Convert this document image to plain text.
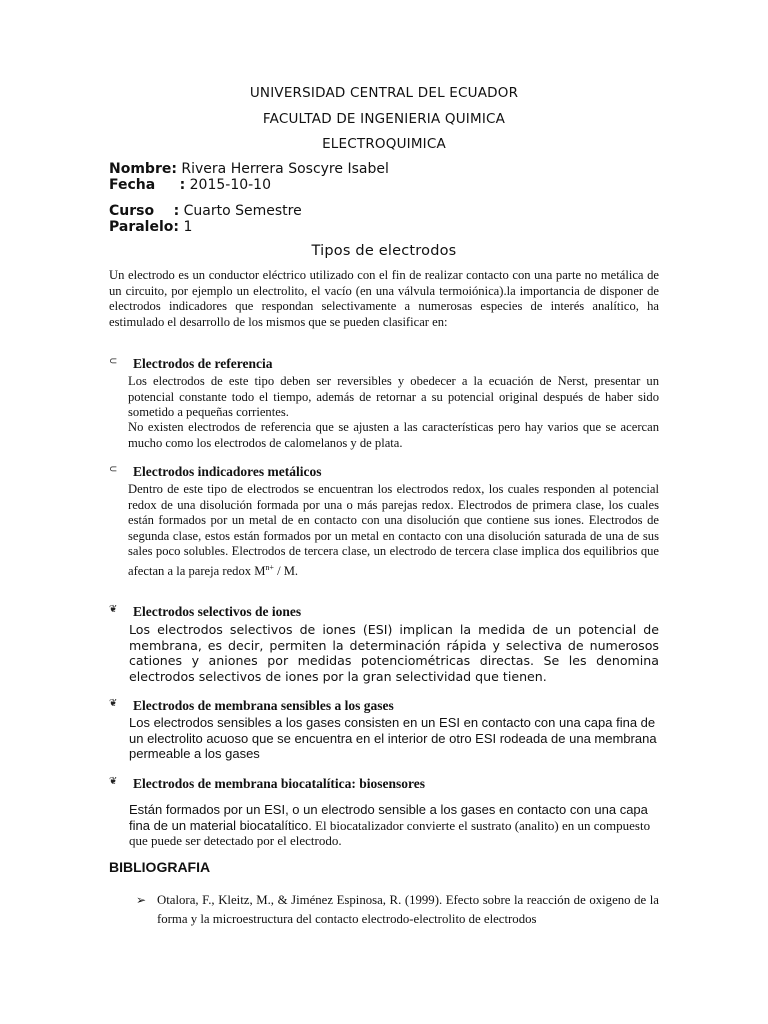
UNIVERSIDAD CENTRAL DEL ECUADOR
FACULTAD DE INGENIERIA QUIMICA
ELECTROQUIMICA
Nombre: Rivera Herrera Soscyre Isabel
Fecha     : 2015-10-10
Curso    : Cuarto Semestre
Paralelo: 1
Tipos de electrodos

Un electrodo es un conductor eléctrico utilizado con el fin de realizar contacto con una parte no metálica de un circuito, por ejemplo un electrolito, el vacío (en una válvula termoiónica).la importancia de disponer de electrodos indicadores que respondan selectivamente a numerosas especies de interés analítico, ha estimulado el desarrollo de los mismos que se pueden clasificar en:

⊂ Electrodos de referencia

Los electrodos de este tipo deben ser reversibles y obedecer a la ecuación de Nerst, presentar un potencial constante todo el tiempo, además de retornar a su potencial original después de haber sido sometido a pequeñas corrientes.

No existen electrodos de referencia que se ajusten a las características pero hay varios que se acercan mucho como los electrodos de calomelanos y de plata.

⊂ Electrodos indicadores metálicos

Dentro de este tipo de electrodos se encuentran los electrodos redox, los cuales responden al potencial redox de una disolución formada por una o más parejas redox. Electrodos de primera clase, los cuales están formados por un metal de en contacto con una disolución que contiene sus iones. Electrodos de segunda clase, estos están formados por un metal en contacto con una disolución saturada de una de sus sales poco solubles. Electrodos de tercera clase, un electrodo de tercera clase implica dos equilibrios que afectan a la pareja redox $M^{n+}$ / M.

❦ Electrodos selectivos de iones

Los electrodos selectivos de iones (ESI) implican la medida de un potencial de membrana, es decir, permiten la determinación rápida y selectiva de numerosos cationes y aniones por medidas potenciométricas directas. Se les denomina electrodos selectivos de iones por la gran selectividad que tienen.

❦ Electrodos de membrana sensibles a los gases

Los electrodos sensibles a los gases consisten en un ESI en contacto con una capa fina de un electrolito acuoso que se encuentra en el interior de otro ESI rodeada de una membrana permeable a los gases

❦ Electrodos de membrana biocatalítica: biosensores

Están formados por un ESI, o un electrodo sensible a los gases en contacto con una capa fina de un material biocatalítico. El biocatalizador convierte el sustrato (analito) en un compuesto que puede ser detectado por el electrodo.

BIBLIOGRAFIA
➢ Otalora, F., Kleitz, M., & Jiménez Espinosa, R. (1999). Efecto sobre la reacción de oxigeno de la forma y la microestructura del contacto electrodo-electrolito de electrodos
